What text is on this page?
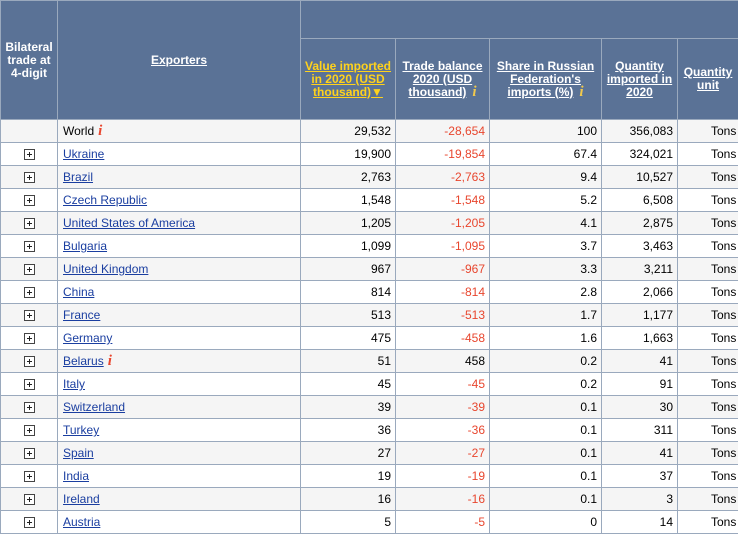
Bilateral trade at 4-digit	Exporters					
		Value imported in 2020 (USD thousand)▼	Trade balance 2020 (USD thousand) i	Share in Russian Federation's imports (%) i	Quantity imported in 2020	Quantity unit
	World i	29,532	-28,654	100	356,083	Tons
	Ukraine	19,900	-19,854	67.4	324,021	Tons
	Brazil	2,763	-2,763	9.4	10,527	Tons
	Czech Republic	1,548	-1,548	5.2	6,508	Tons
	United States of America	1,205	-1,205	4.1	2,875	Tons
	Bulgaria	1,099	-1,095	3.7	3,463	Tons
	United Kingdom	967	-967	3.3	3,211	Tons
	China	814	-814	2.8	2,066	Tons
	France	513	-513	1.7	1,177	Tons
	Germany	475	-458	1.6	1,663	Tons
	Belarus i	51	458	0.2	41	Tons
	Italy	45	-45	0.2	91	Tons
	Switzerland	39	-39	0.1	30	Tons
	Turkey	36	-36	0.1	311	Tons
	Spain	27	-27	0.1	41	Tons
	India	19	-19	0.1	37	Tons
	Ireland	16	-16	0.1	3	Tons
	Austria	5	-5	0	14	Tons
